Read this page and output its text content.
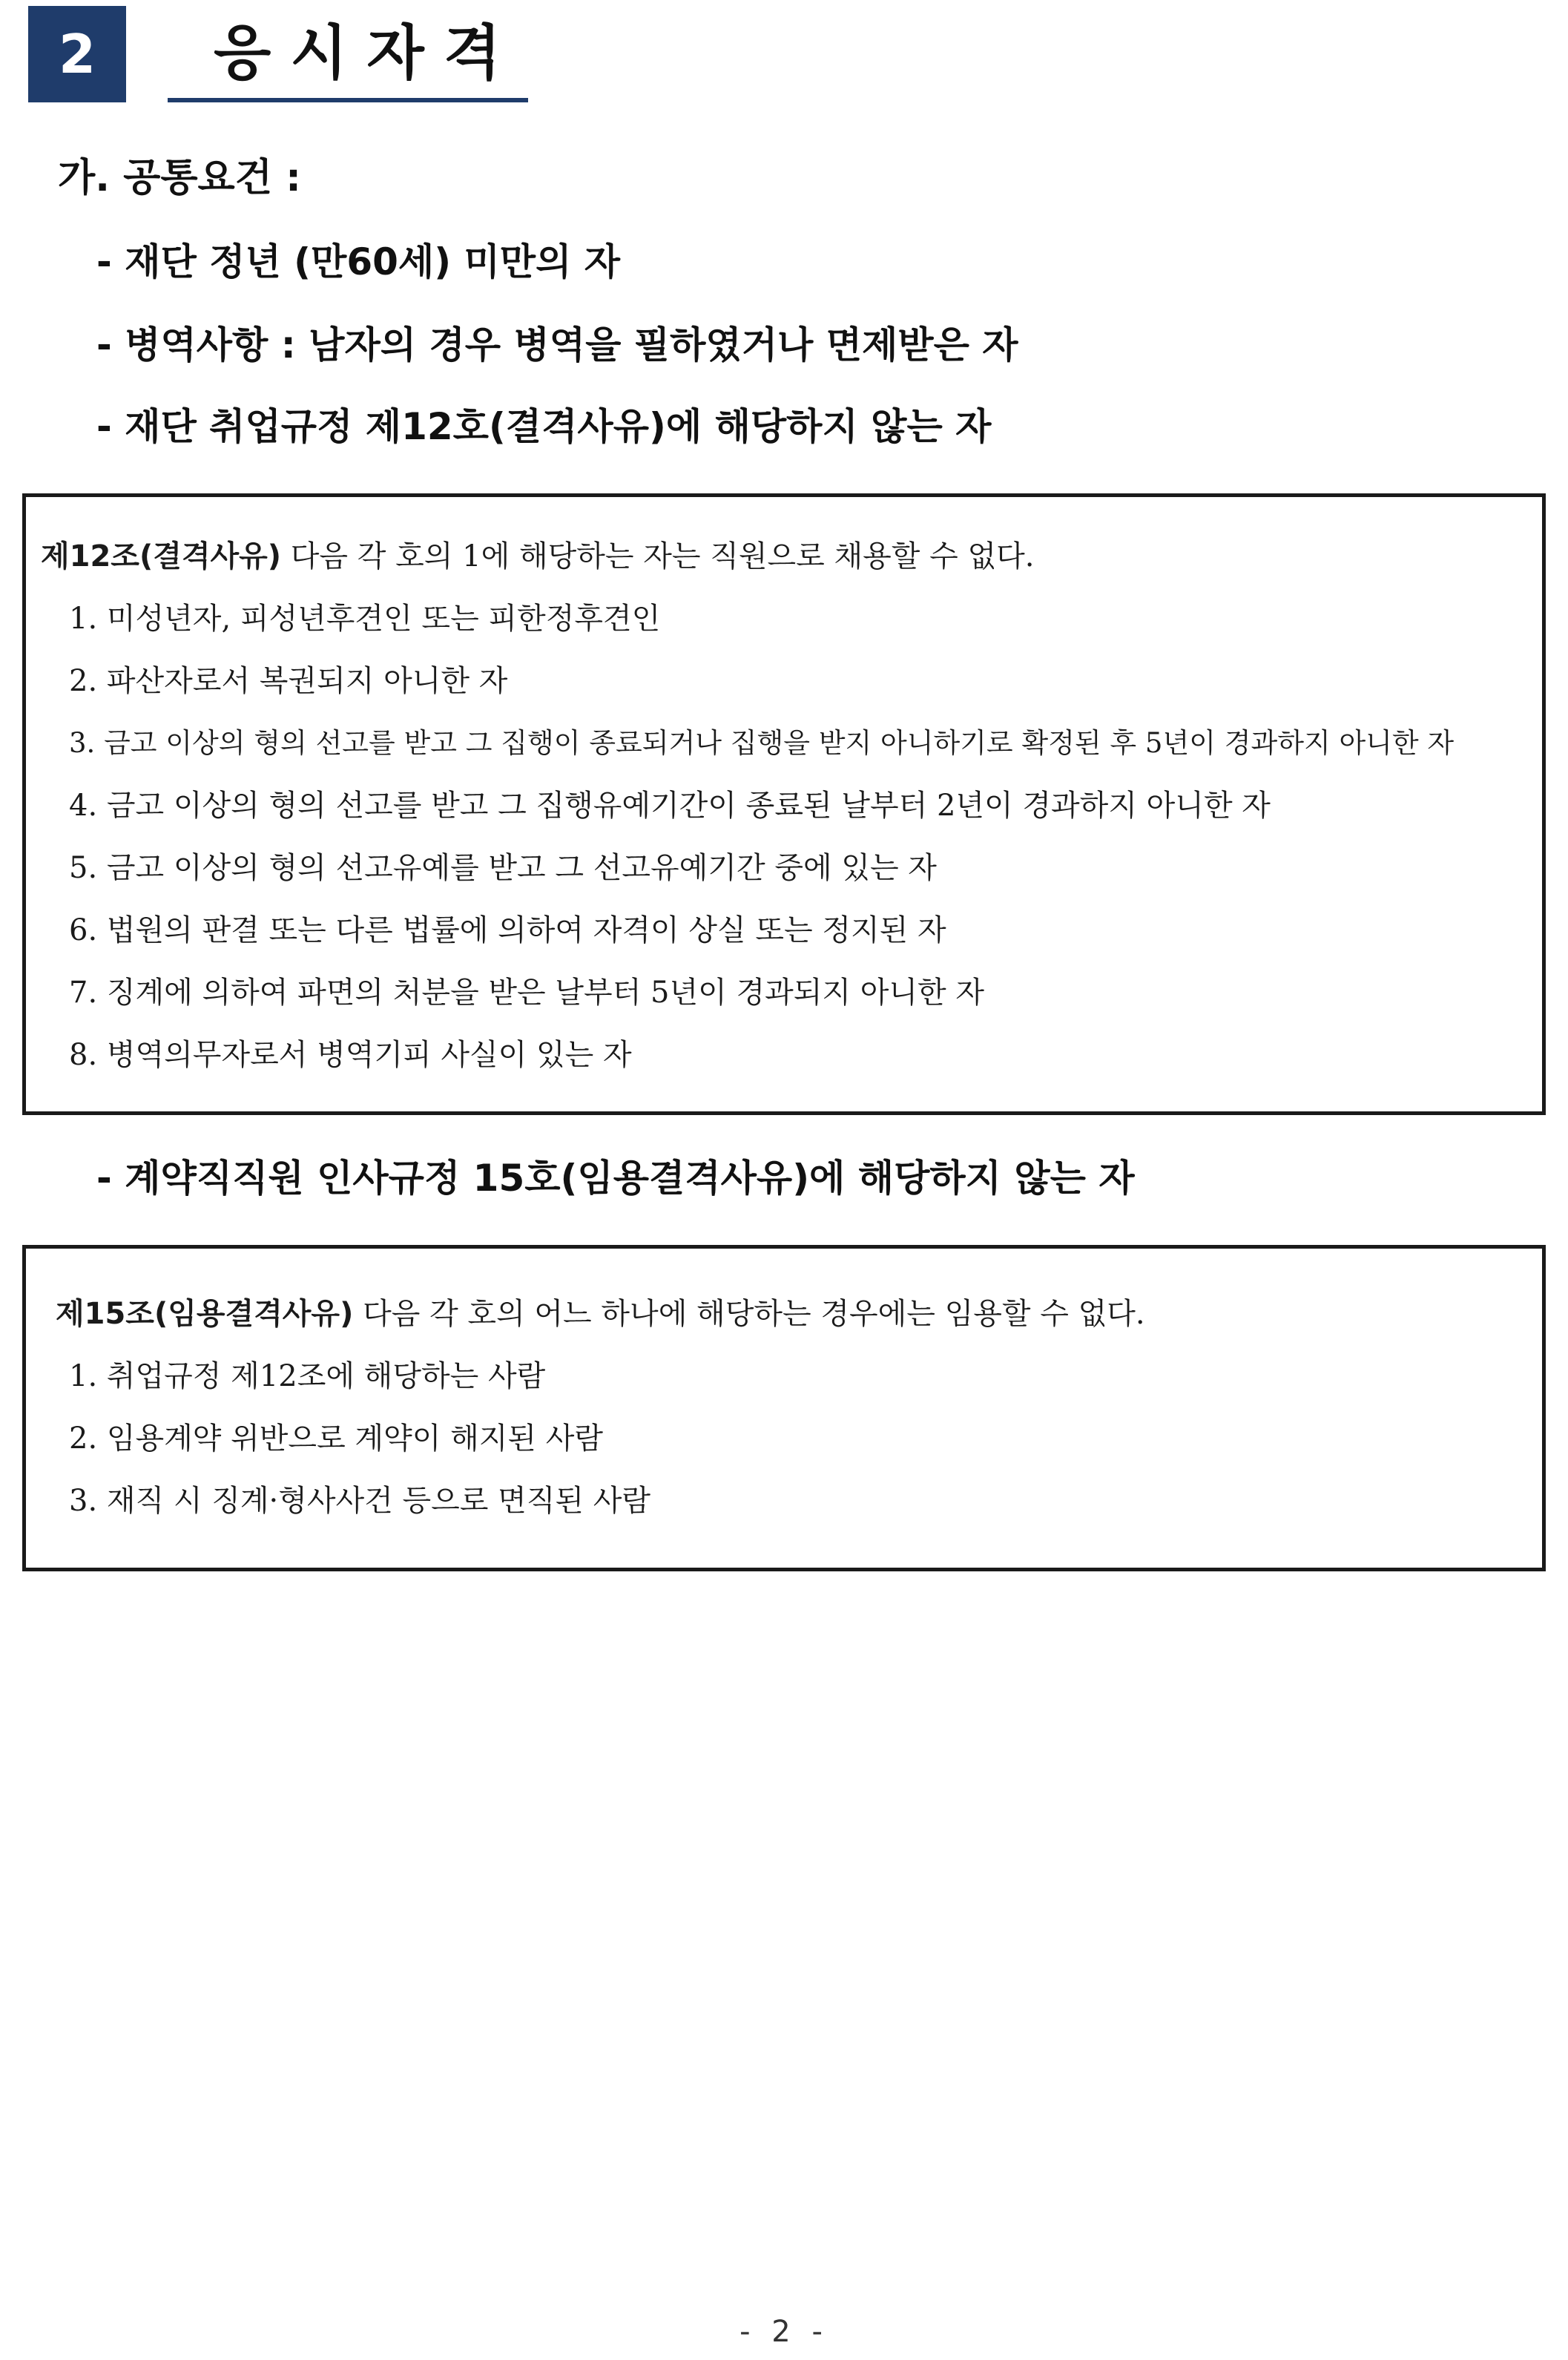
2	응시자격
가. 공통요건 :
- 재단 정년 (만60세) 미만의 자
- 병역사항 : 남자의 경우 병역을 필하였거나 면제받은 자
- 재단 취업규정 제12호(결격사유)에 해당하지 않는 자
제12조(결격사유) 다음 각 호의 1에 해당하는 자는 직원으로 채용할 수 없다.
1. 미성년자, 피성년후견인 또는 피한정후견인
2. 파산자로서 복권되지 아니한 자
3. 금고 이상의 형의 선고를 받고 그 집행이 종료되거나 집행을 받지 아니하기로 확정된 후 5년이 경과하지 아니한 자
4. 금고 이상의 형의 선고를 받고 그 집행유예기간이 종료된 날부터 2년이 경과하지 아니한 자
5. 금고 이상의 형의 선고유예를 받고 그 선고유예기간 중에 있는 자
6. 법원의 판결 또는 다른 법률에 의하여 자격이 상실 또는 정지된 자
7. 징계에 의하여 파면의 처분을 받은 날부터 5년이 경과되지 아니한 자
8. 병역의무자로서 병역기피 사실이 있는 자
- 계약직직원 인사규정 15호(임용결격사유)에 해당하지 않는 자
제15조(임용결격사유) 다음 각 호의 어느 하나에 해당하는 경우에는 임용할 수 없다.
1. 취업규정 제12조에 해당하는 사람
2. 임용계약 위반으로 계약이 해지된 사람
3. 재직 시 징계·형사사건 등으로 면직된 사람
- 2 -
